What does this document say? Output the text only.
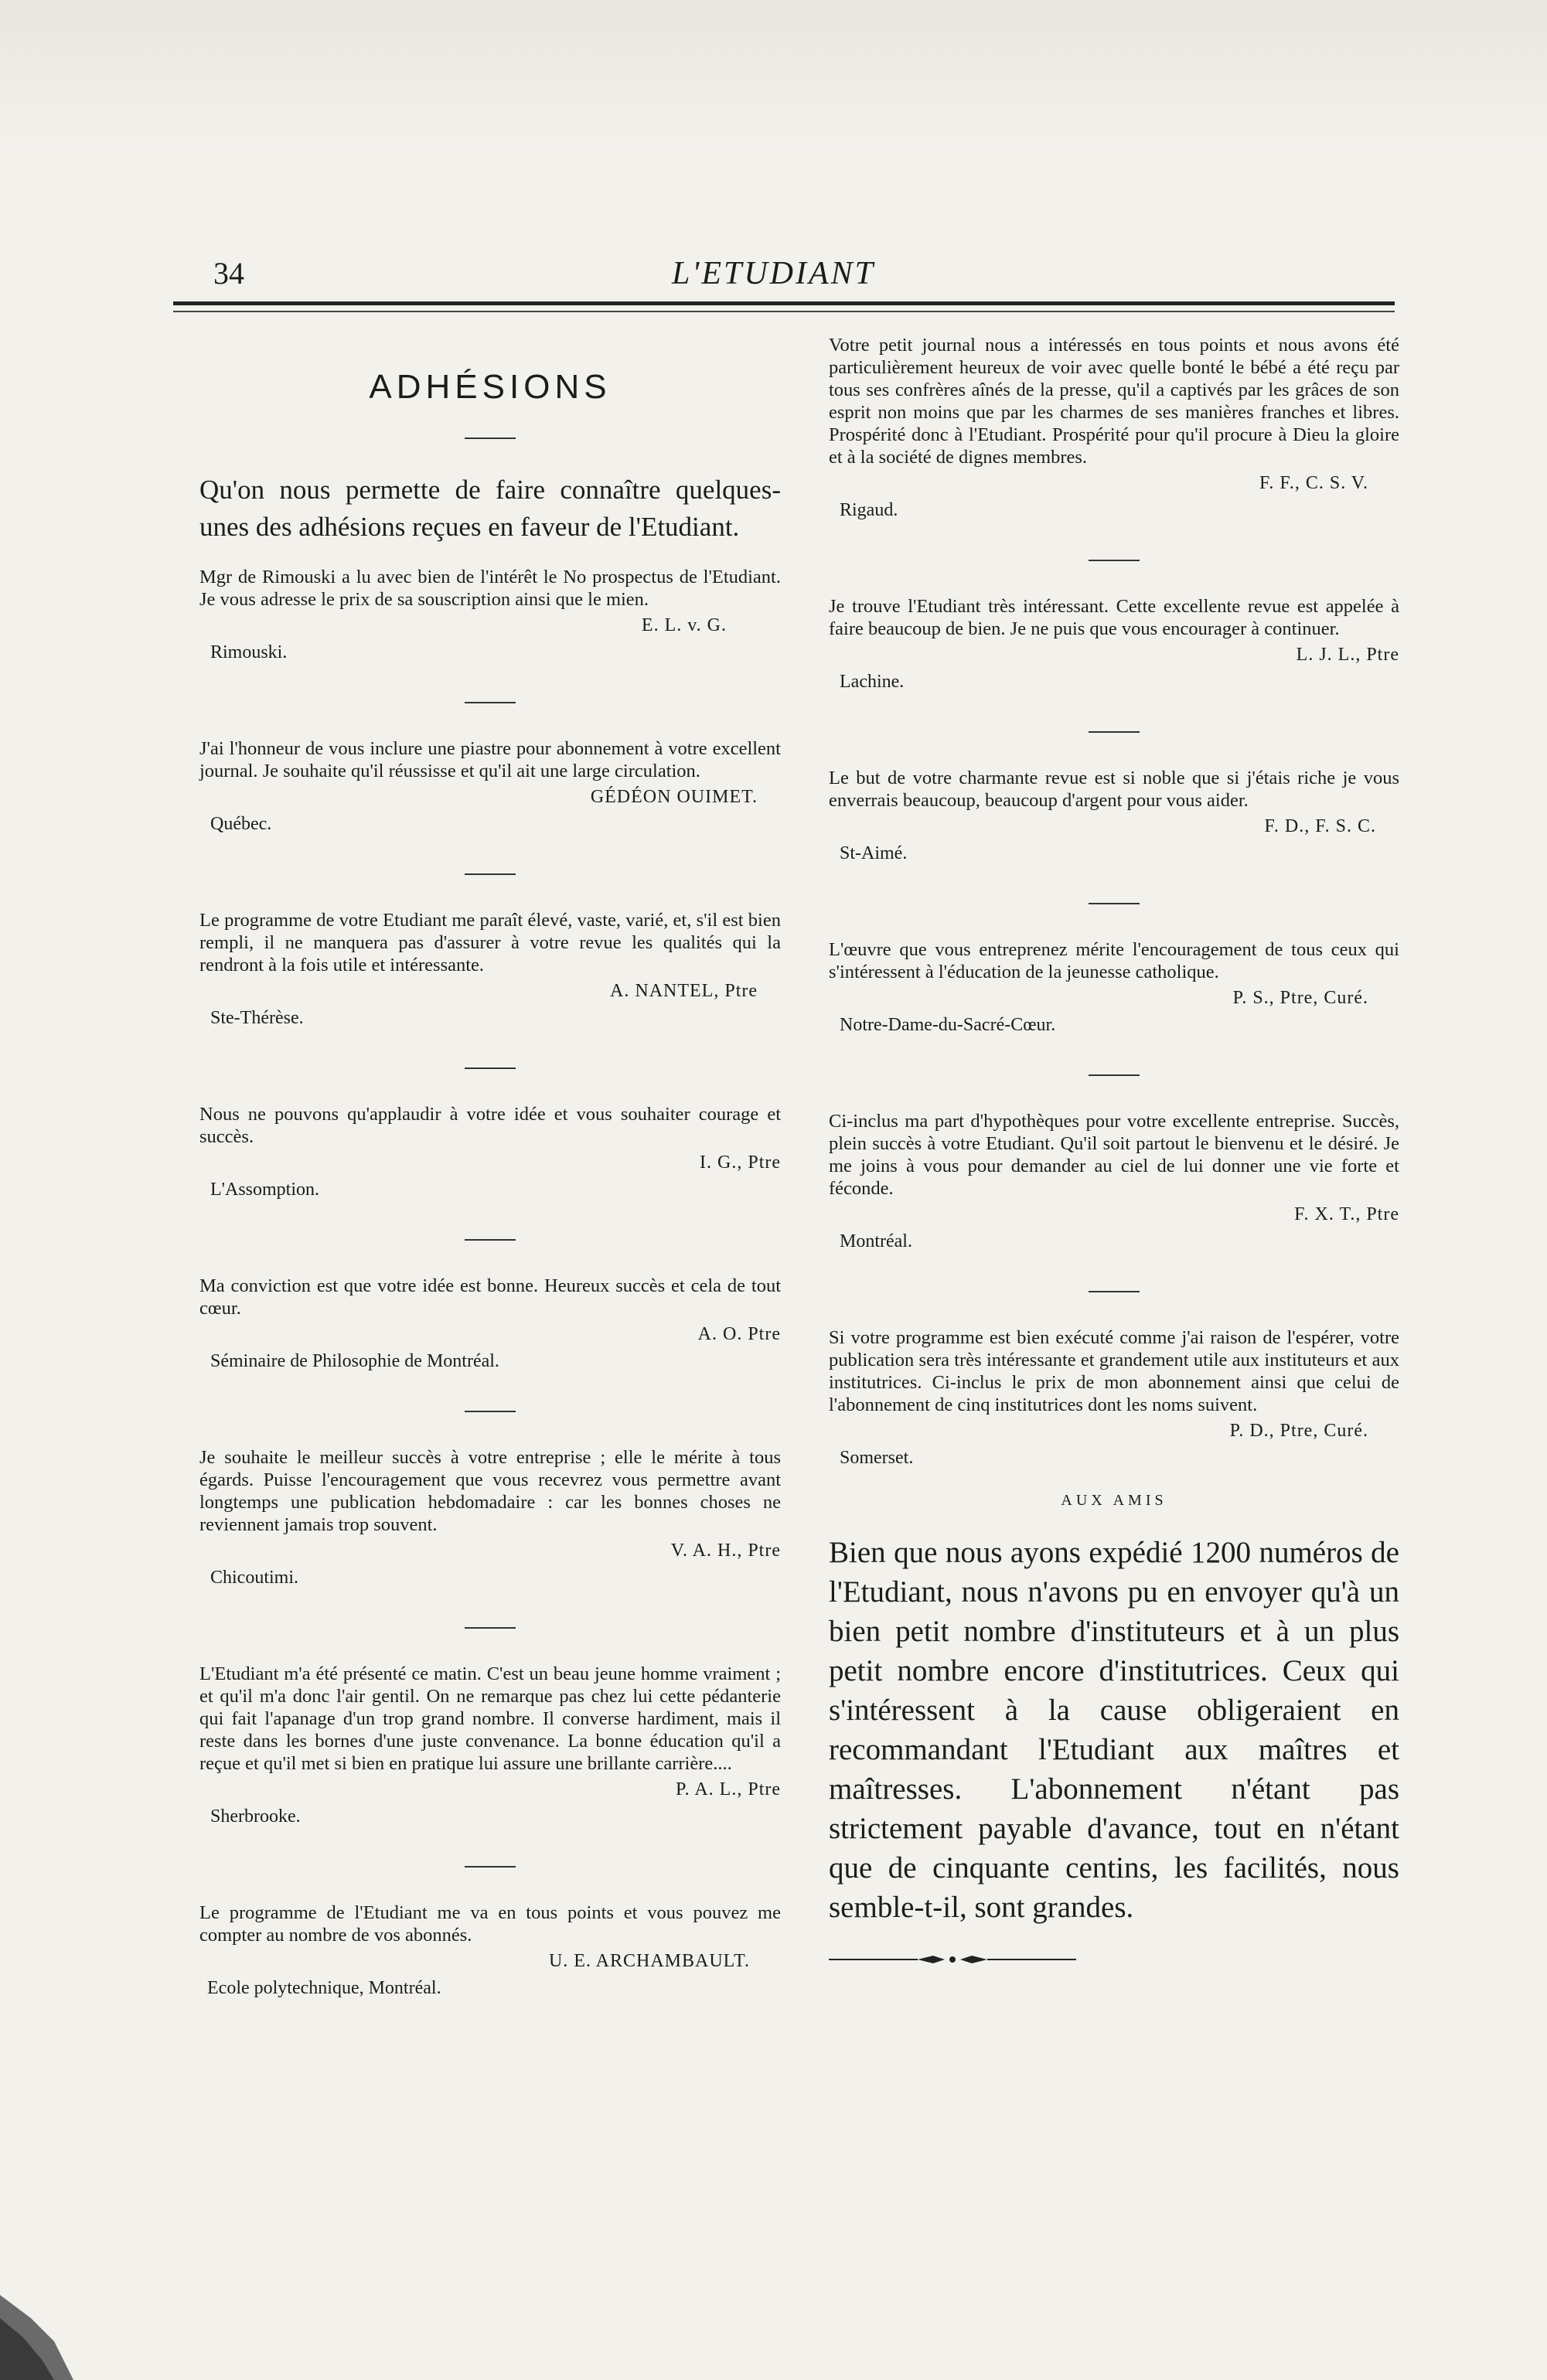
34	L'ETUDIANT
ADHÉSIONS

Qu'on nous permette de faire connaître quelques-unes des adhésions reçues en faveur de l'Etudiant.

Mgr de Rimouski a lu avec bien de l'intérêt le No prospectus de l'Etudiant. Je vous adresse le prix de sa souscription ainsi que le mien.

E. L. v. G.

Rimouski.

J'ai l'honneur de vous inclure une piastre pour abonnement à votre excellent journal. Je souhaite qu'il réussisse et qu'il ait une large circulation.

GÉDÉON OUIMET.

Québec.

Le programme de votre Etudiant me paraît élevé, vaste, varié, et, s'il est bien rempli, il ne manquera pas d'assurer à votre revue les qualités qui la rendront à la fois utile et intéressante.

A. NANTEL, Ptre

Ste-Thérèse.

Nous ne pouvons qu'applaudir à votre idée et vous souhaiter courage et succès.

I. G., Ptre

L'Assomption.

Ma conviction est que votre idée est bonne. Heureux succès et cela de tout cœur.

A. O. Ptre

Séminaire de Philosophie de Montréal.

Je souhaite le meilleur succès à votre entreprise ; elle le mérite à tous égards. Puisse l'encouragement que vous recevrez vous permettre avant longtemps une publication hebdomadaire : car les bonnes choses ne reviennent jamais trop souvent.

V. A. H., Ptre

Chicoutimi.

L'Etudiant m'a été présenté ce matin. C'est un beau jeune homme vraiment ; et qu'il m'a donc l'air gentil. On ne remarque pas chez lui cette pédanterie qui fait l'apanage d'un trop grand nombre. Il converse hardiment, mais il reste dans les bornes d'une juste convenance. La bonne éducation qu'il a reçue et qu'il met si bien en pratique lui assure une brillante carrière....

P. A. L., Ptre

Sherbrooke.

Le programme de l'Etudiant me va en tous points et vous pouvez me compter au nombre de vos abonnés.

U. E. ARCHAMBAULT.

Ecole polytechnique, Montréal.

Votre petit journal nous a intéressés en tous points et nous avons été particulièrement heureux de voir avec quelle bonté le bébé a été reçu par tous ses confrères aînés de la presse, qu'il a captivés par les grâces de son esprit non moins que par les charmes de ses manières franches et libres. Prospérité donc à l'Etudiant. Prospérité pour qu'il procure à Dieu la gloire et à la société de dignes membres.

F. F., C. S. V.

Rigaud.

Je trouve l'Etudiant très intéressant. Cette excellente revue est appelée à faire beaucoup de bien. Je ne puis que vous encourager à continuer.

L. J. L., Ptre

Lachine.

Le but de votre charmante revue est si noble que si j'étais riche je vous enverrais beaucoup, beaucoup d'argent pour vous aider.

F. D., F. S. C.

St-Aimé.

L'œuvre que vous entreprenez mérite l'encouragement de tous ceux qui s'intéressent à l'éducation de la jeunesse catholique.

P. S., Ptre, Curé.

Notre-Dame-du-Sacré-Cœur.

Ci-inclus ma part d'hypothèques pour votre excellente entreprise. Succès, plein succès à votre Etudiant. Qu'il soit partout le bienvenu et le désiré. Je me joins à vous pour demander au ciel de lui donner une vie forte et féconde.

F. X. T., Ptre

Montréal.

Si votre programme est bien exécuté comme j'ai raison de l'espérer, votre publication sera très intéressante et grandement utile aux instituteurs et aux institutrices. Ci-inclus le prix de mon abonnement ainsi que celui de l'abonnement de cinq institutrices dont les noms suivent.

P. D., Ptre, Curé.

Somerset.

AUX AMIS

Bien que nous ayons expédié 1200 numéros de l'Etudiant, nous n'avons pu en envoyer qu'à un bien petit nombre d'instituteurs et à un plus petit nombre encore d'institutrices. Ceux qui s'intéressent à la cause obligeraient en recommandant l'Etudiant aux maîtres et maîtresses. L'abonnement n'étant pas strictement payable d'avance, tout en n'étant que de cinquante centins, les facilités, nous semble-t-il, sont grandes.
